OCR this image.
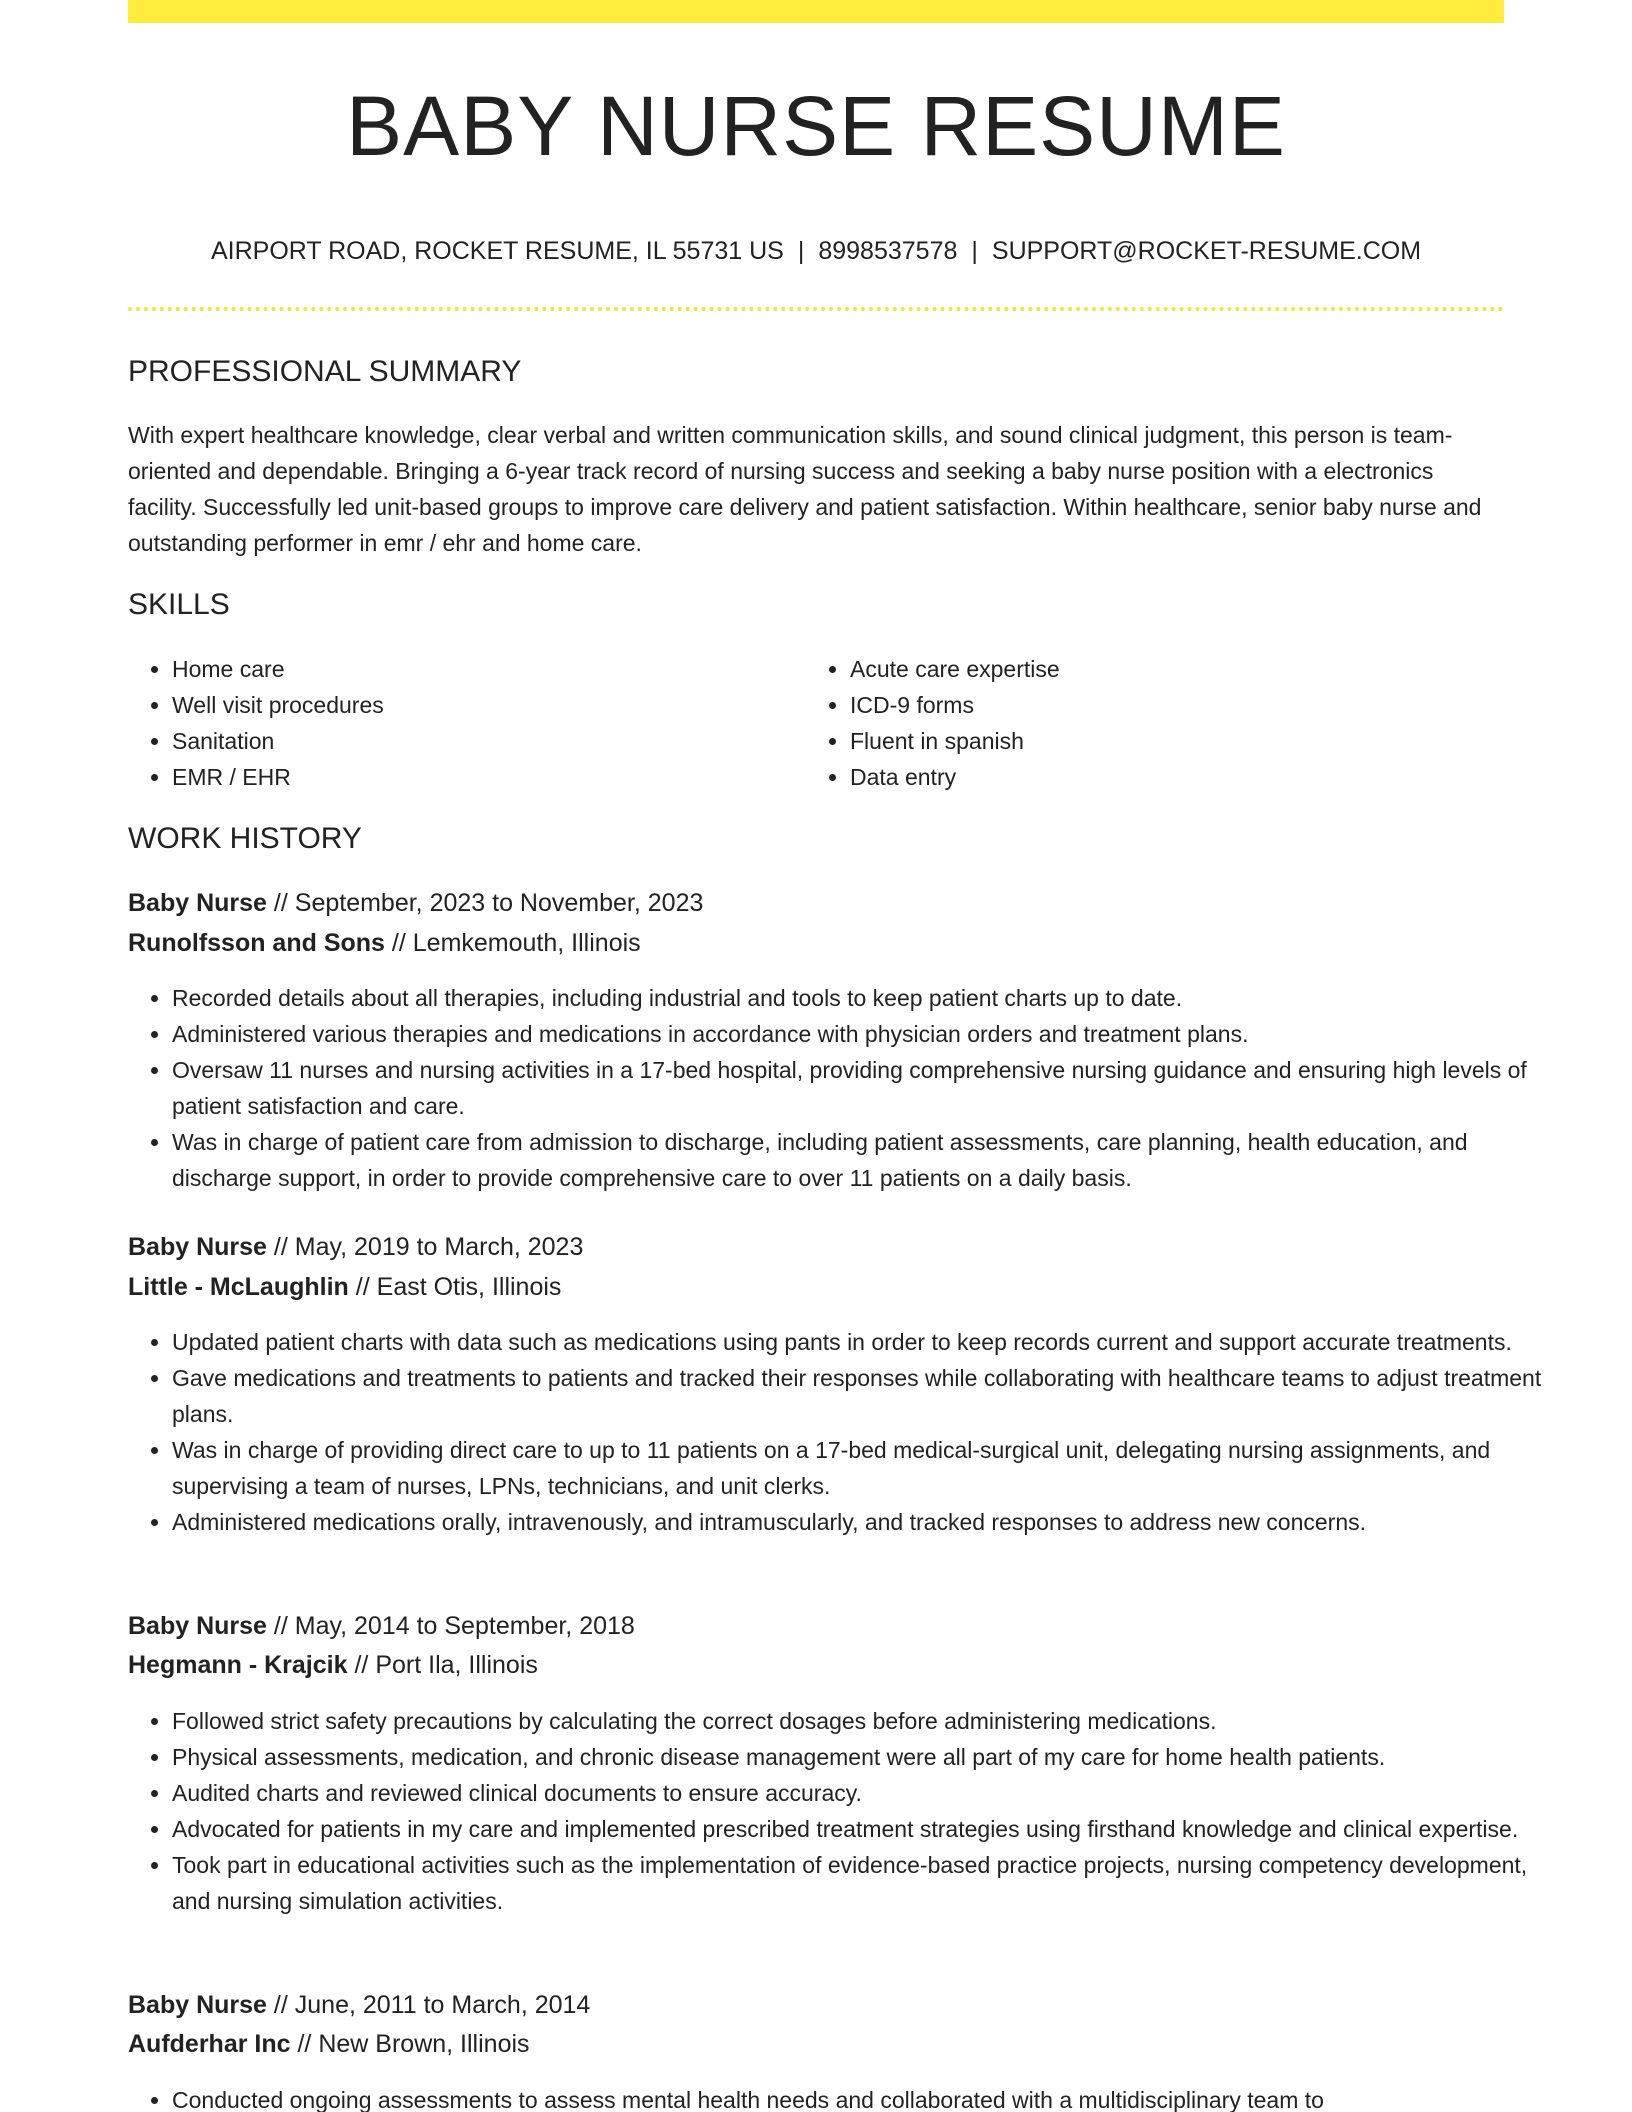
BABY NURSE RESUME
AIRPORT ROAD, ROCKET RESUME, IL 55731 US | 8998537578 | SUPPORT@ROCKET-RESUME.COM
PROFESSIONAL SUMMARY
With expert healthcare knowledge, clear verbal and written communication skills, and sound clinical judgment, this person is team-oriented and dependable. Bringing a 6-year track record of nursing success and seeking a baby nurse position with a electronics facility. Successfully led unit-based groups to improve care delivery and patient satisfaction. Within healthcare, senior baby nurse and outstanding performer in emr / ehr and home care.
SKILLS
• Home care
• Well visit procedures
• Sanitation
• EMR / EHR
• Acute care expertise
• ICD-9 forms
• Fluent in spanish
• Data entry
WORK HISTORY
Baby Nurse // September, 2023 to November, 2023
Runolfsson and Sons // Lemkemouth, Illinois
• Recorded details about all therapies, including industrial and tools to keep patient charts up to date.
• Administered various therapies and medications in accordance with physician orders and treatment plans.
• Oversaw 11 nurses and nursing activities in a 17-bed hospital, providing comprehensive nursing guidance and ensuring high levels of patient satisfaction and care.
• Was in charge of patient care from admission to discharge, including patient assessments, care planning, health education, and discharge support, in order to provide comprehensive care to over 11 patients on a daily basis.
Baby Nurse // May, 2019 to March, 2023
Little - McLaughlin // East Otis, Illinois
• Updated patient charts with data such as medications using pants in order to keep records current and support accurate treatments.
• Gave medications and treatments to patients and tracked their responses while collaborating with healthcare teams to adjust treatment plans.
• Was in charge of providing direct care to up to 11 patients on a 17-bed medical-surgical unit, delegating nursing assignments, and supervising a team of nurses, LPNs, technicians, and unit clerks.
• Administered medications orally, intravenously, and intramuscularly, and tracked responses to address new concerns.
Baby Nurse // May, 2014 to September, 2018
Hegmann - Krajcik // Port Ila, Illinois
• Followed strict safety precautions by calculating the correct dosages before administering medications.
• Physical assessments, medication, and chronic disease management were all part of my care for home health patients.
• Audited charts and reviewed clinical documents to ensure accuracy.
• Advocated for patients in my care and implemented prescribed treatment strategies using firsthand knowledge and clinical expertise.
• Took part in educational activities such as the implementation of evidence-based practice projects, nursing competency development, and nursing simulation activities.
Baby Nurse // June, 2011 to March, 2014
Aufderhar Inc // New Brown, Illinois
• Conducted ongoing assessments to assess mental health needs and collaborated with a multidisciplinary team to
